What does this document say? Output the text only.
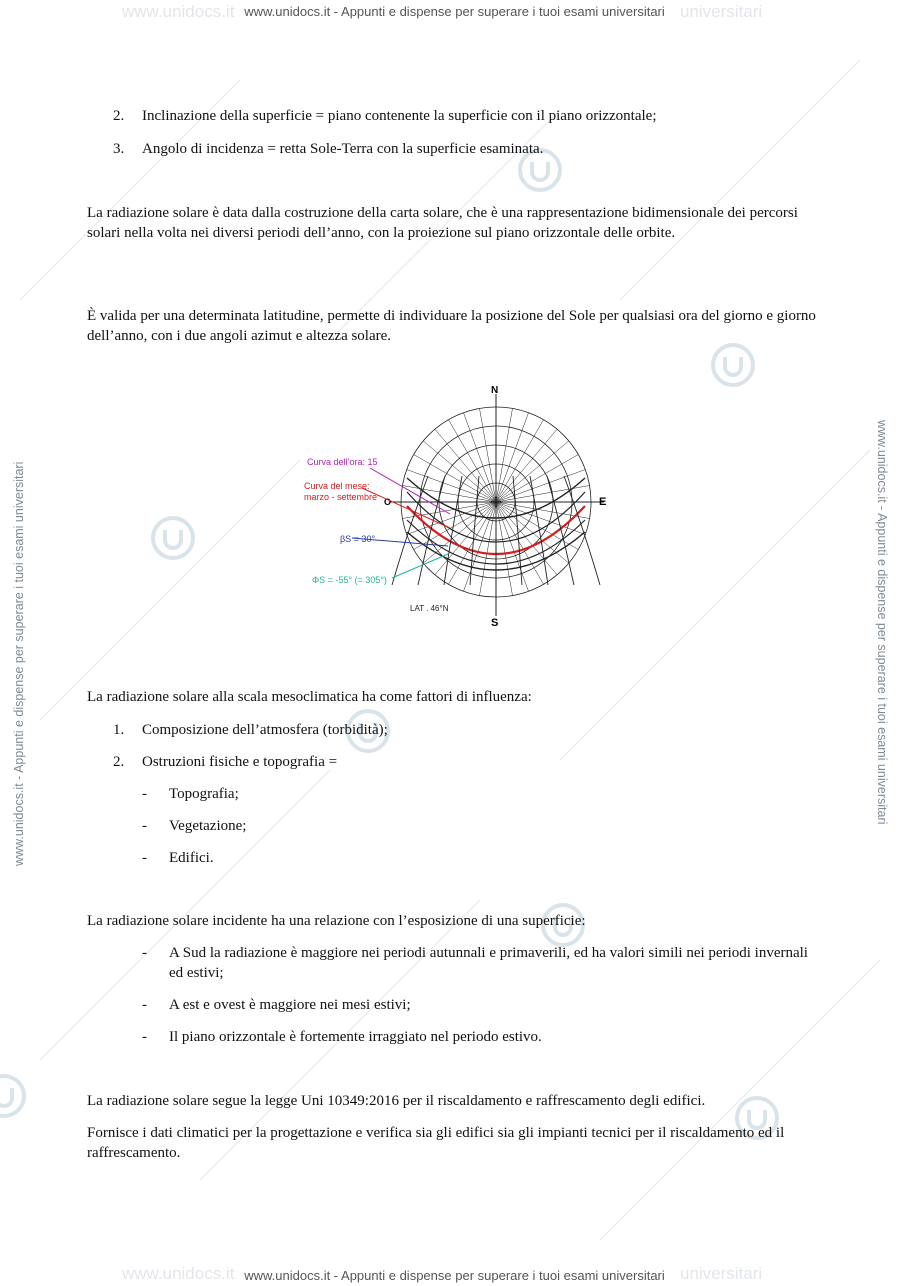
www.unidocs.it	universitari
www.unidocs.it	universitari
www.unidocs.it - Appunti e dispense per superare i tuoi esami universitari
www.unidocs.it - Appunti e dispense per superare i tuoi esami universitari
www.unidocs.it - Appunti e dispense per superare i tuoi esami universitari	www.unidocs.it - Appunti e dispense per superare i tuoi esami universitari
2. Inclinazione della superficie = piano contenente la superficie con il piano orizzontale;
3. Angolo di incidenza = retta Sole-Terra con la superficie esaminata.

La radiazione solare è data dalla costruzione della carta solare, che è una rappresentazione bidimensionale dei percorsi solari nella volta nei diversi periodi dell’anno, con la proiezione sul piano orizzontale delle orbite.

È valida per una determinata latitudine, permette di individuare la posizione del Sole per qualsiasi ora del giorno e giorno dell’anno, con i due angoli azimut e altezza solare.

La radiazione solare alla scala mesoclimatica ha come fattori di influenza:

1. Composizione dell’atmosfera (torbidità);
2. Ostruzioni fisiche e topografia =
- Topografia;
- Vegetazione;
- Edifici.

La radiazione solare incidente ha una relazione con l’esposizione di una superficie:

- A Sud la radiazione è maggiore nei periodi autunnali e primaverili, ed ha valori simili nei periodi invernali ed estivi;
- A est e ovest è maggiore nei mesi estivi;
- Il piano orizzontale è fortemente irraggiato nel periodo estivo.

La radiazione solare segue la legge Uni 10349:2016 per il riscaldamento e raffrescamento degli edifici.

Fornisce i dati climatici per la progettazione e verifica sia gli edifici sia gli impianti tecnici per il riscaldamento ed il raffrescamento.

N
S
E
O
Curva dell’ora: 15
Curva del mese:
marzo - settembre
βS = 30°
ΦS = -55° (= 305°)
LAT . 46°N
